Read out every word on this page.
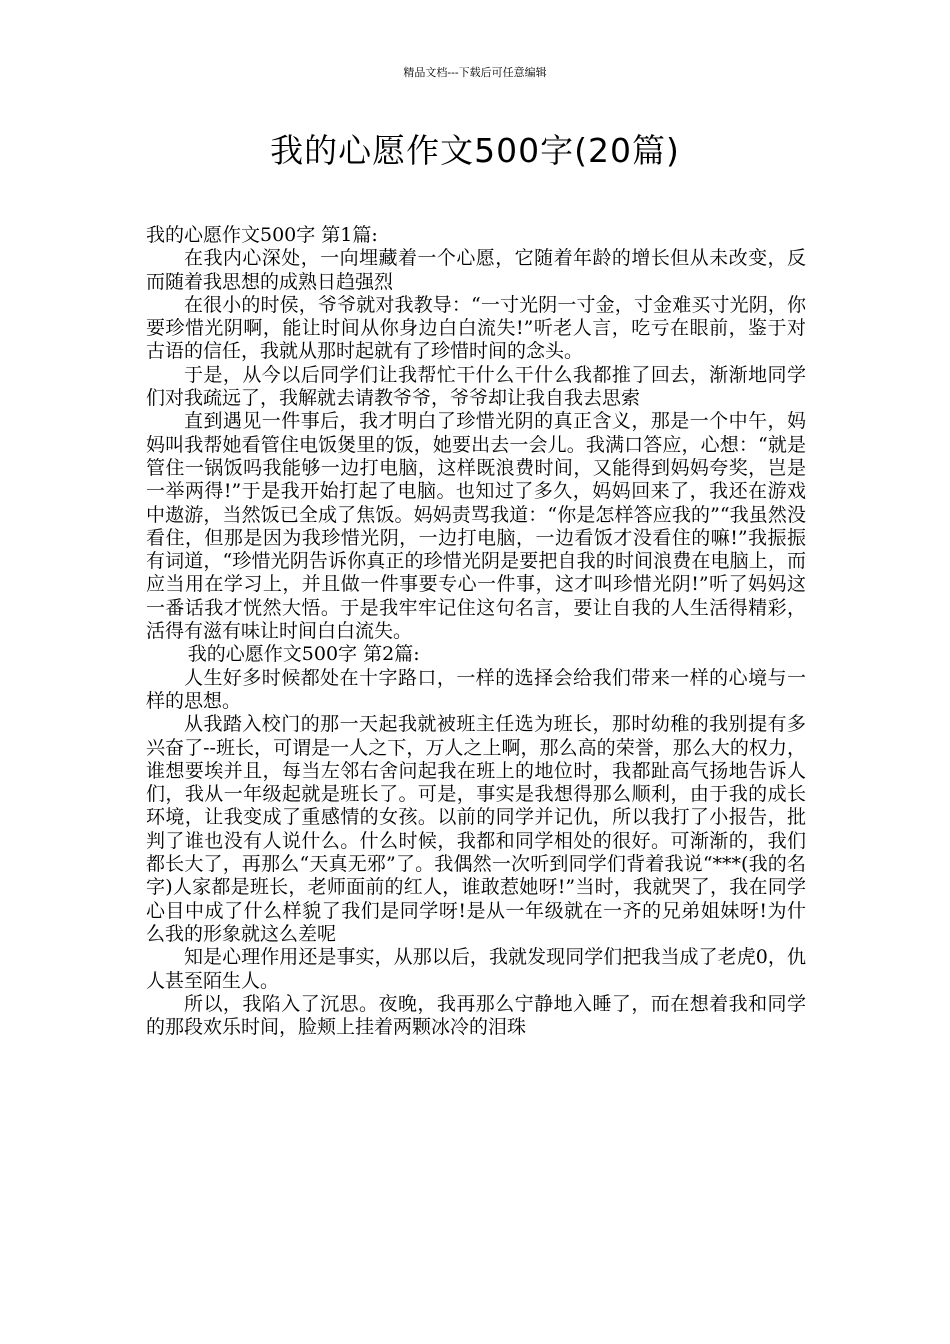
精品文档---下载后可任意编辑
我的心愿作文500字(20篇)

我的心愿作文500字 第1篇:

在我内心深处，一向埋藏着一个心愿，它随着年龄的增长但从未改变，反而随着我思想的成熟日趋强烈

在很小的时侯，爷爷就对我教导：“一寸光阴一寸金，寸金难买寸光阴，你要珍惜光阴啊，能让时间从你身边白白流失!”听老人言，吃亏在眼前，鉴于对古语的信任，我就从那时起就有了珍惜时间的念头。

于是，从今以后同学们让我帮忙干什么干什么我都推了回去，渐渐地同学们对我疏远了，我解就去请教爷爷，爷爷却让我自我去思索

直到遇见一件事后，我才明白了珍惜光阴的真正含义，那是一个中午，妈妈叫我帮她看管住电饭煲里的饭，她要出去一会儿。我满口答应，心想：“就是管住一锅饭吗我能够一边打电脑，这样既浪费时间，又能得到妈妈夸奖，岂是一举两得!”于是我开始打起了电脑。也知过了多久，妈妈回来了，我还在游戏中遨游，当然饭已全成了焦饭。妈妈责骂我道：“你是怎样答应我的”“我虽然没看住，但那是因为我珍惜光阴，一边打电脑，一边看饭才没看住的嘛!”我振振有词道，“珍惜光阴告诉你真正的珍惜光阴是要把自我的时间浪费在电脑上，而应当用在学习上，并且做一件事要专心一件事，这才叫珍惜光阴!”听了妈妈这一番话我才恍然大悟。于是我牢牢记住这句名言，要让自我的人生活得精彩，活得有滋有味让时间白白流失。

我的心愿作文500字 第2篇:

人生好多时候都处在十字路口，一样的选择会给我们带来一样的心境与一样的思想。

从我踏入校门的那一天起我就被班主任选为班长，那时幼稚的我别提有多兴奋了--班长，可谓是一人之下，万人之上啊，那么高的荣誉，那么大的权力，谁想要埃并且，每当左邻右舍问起我在班上的地位时，我都趾高气扬地告诉人们，我从一年级起就是班长了。可是，事实是我想得那么顺利，由于我的成长环境，让我变成了重感情的女孩。以前的同学并记仇，所以我打了小报告，批判了谁也没有人说什么。什么时候，我都和同学相处的很好。可渐渐的，我们都长大了，再那么“天真无邪”了。我偶然一次听到同学们背着我说“***(我的名字)人家都是班长，老师面前的红人，谁敢惹她呀!”当时，我就哭了，我在同学心目中成了什么样貌了我们是同学呀!是从一年级就在一齐的兄弟姐妹呀!为什么我的形象就这么差呢

知是心理作用还是事实，从那以后，我就发现同学们把我当成了老虎0，仇人甚至陌生人。

所以，我陷入了沉思。夜晚，我再那么宁静地入睡了，而在想着我和同学的那段欢乐时间，脸颊上挂着两颗冰冷的泪珠
